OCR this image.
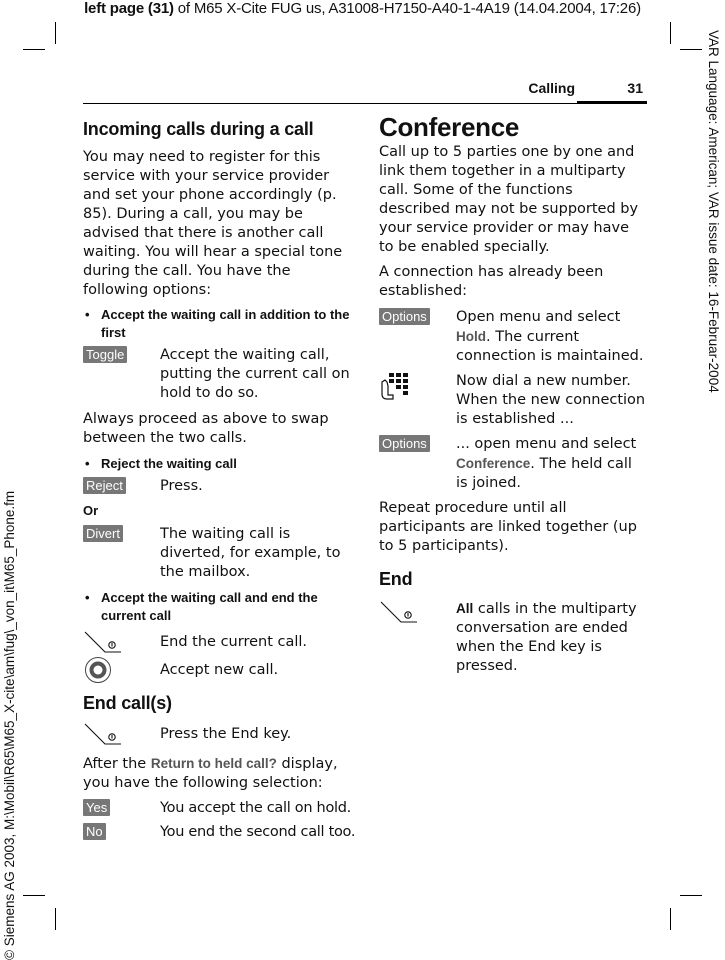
left page (31) of M65 X-Cite FUG us, A31008-H7150-A40-1-4A19 (14.04.2004, 17:26)
VAR Language: American; VAR issue date: 16-Februar-2004
© Siemens AG 2003, M:\Mobil\R65\M65_X-cite\am\fug\_von_it\M65_Phone.fm
Calling	31
Incoming calls during a call

You may need to register for this service with your service provider and set your phone accordingly (p. 85). During a call, you may be advised that there is another call waiting. You will hear a special tone during the call. You have the following options:

• Accept the waiting call in addition to the first
Toggle Accept the waiting call, putting the current call on hold to do so.

Always proceed as above to swap between the two calls.

• Reject the waiting call
Reject	Press.

Or
Divert	The waiting call is diverted, for example, to the mailbox.

• Accept the waiting call and end the current call

End the current call.

Accept new call.

End call(s)

Press the End key.

After the Return to held call? display, you have the following selection:

Yes	You accept the call on hold.

No	You end the second call too.

Conference

Call up to 5 parties one by one and link them together in a multiparty call. Some of the functions described may not be supported by your service provider or may have to be enabled specially.

A connection has already been established:

Options Open menu and select Hold. The current connection is maintained.

Now dial a new number. When the new connection is established ...

Options ... open menu and select Conference. The held call is joined.

Repeat procedure until all participants are linked together (up to 5 participants).

End

All calls in the multiparty conversation are ended when the End key is pressed.
